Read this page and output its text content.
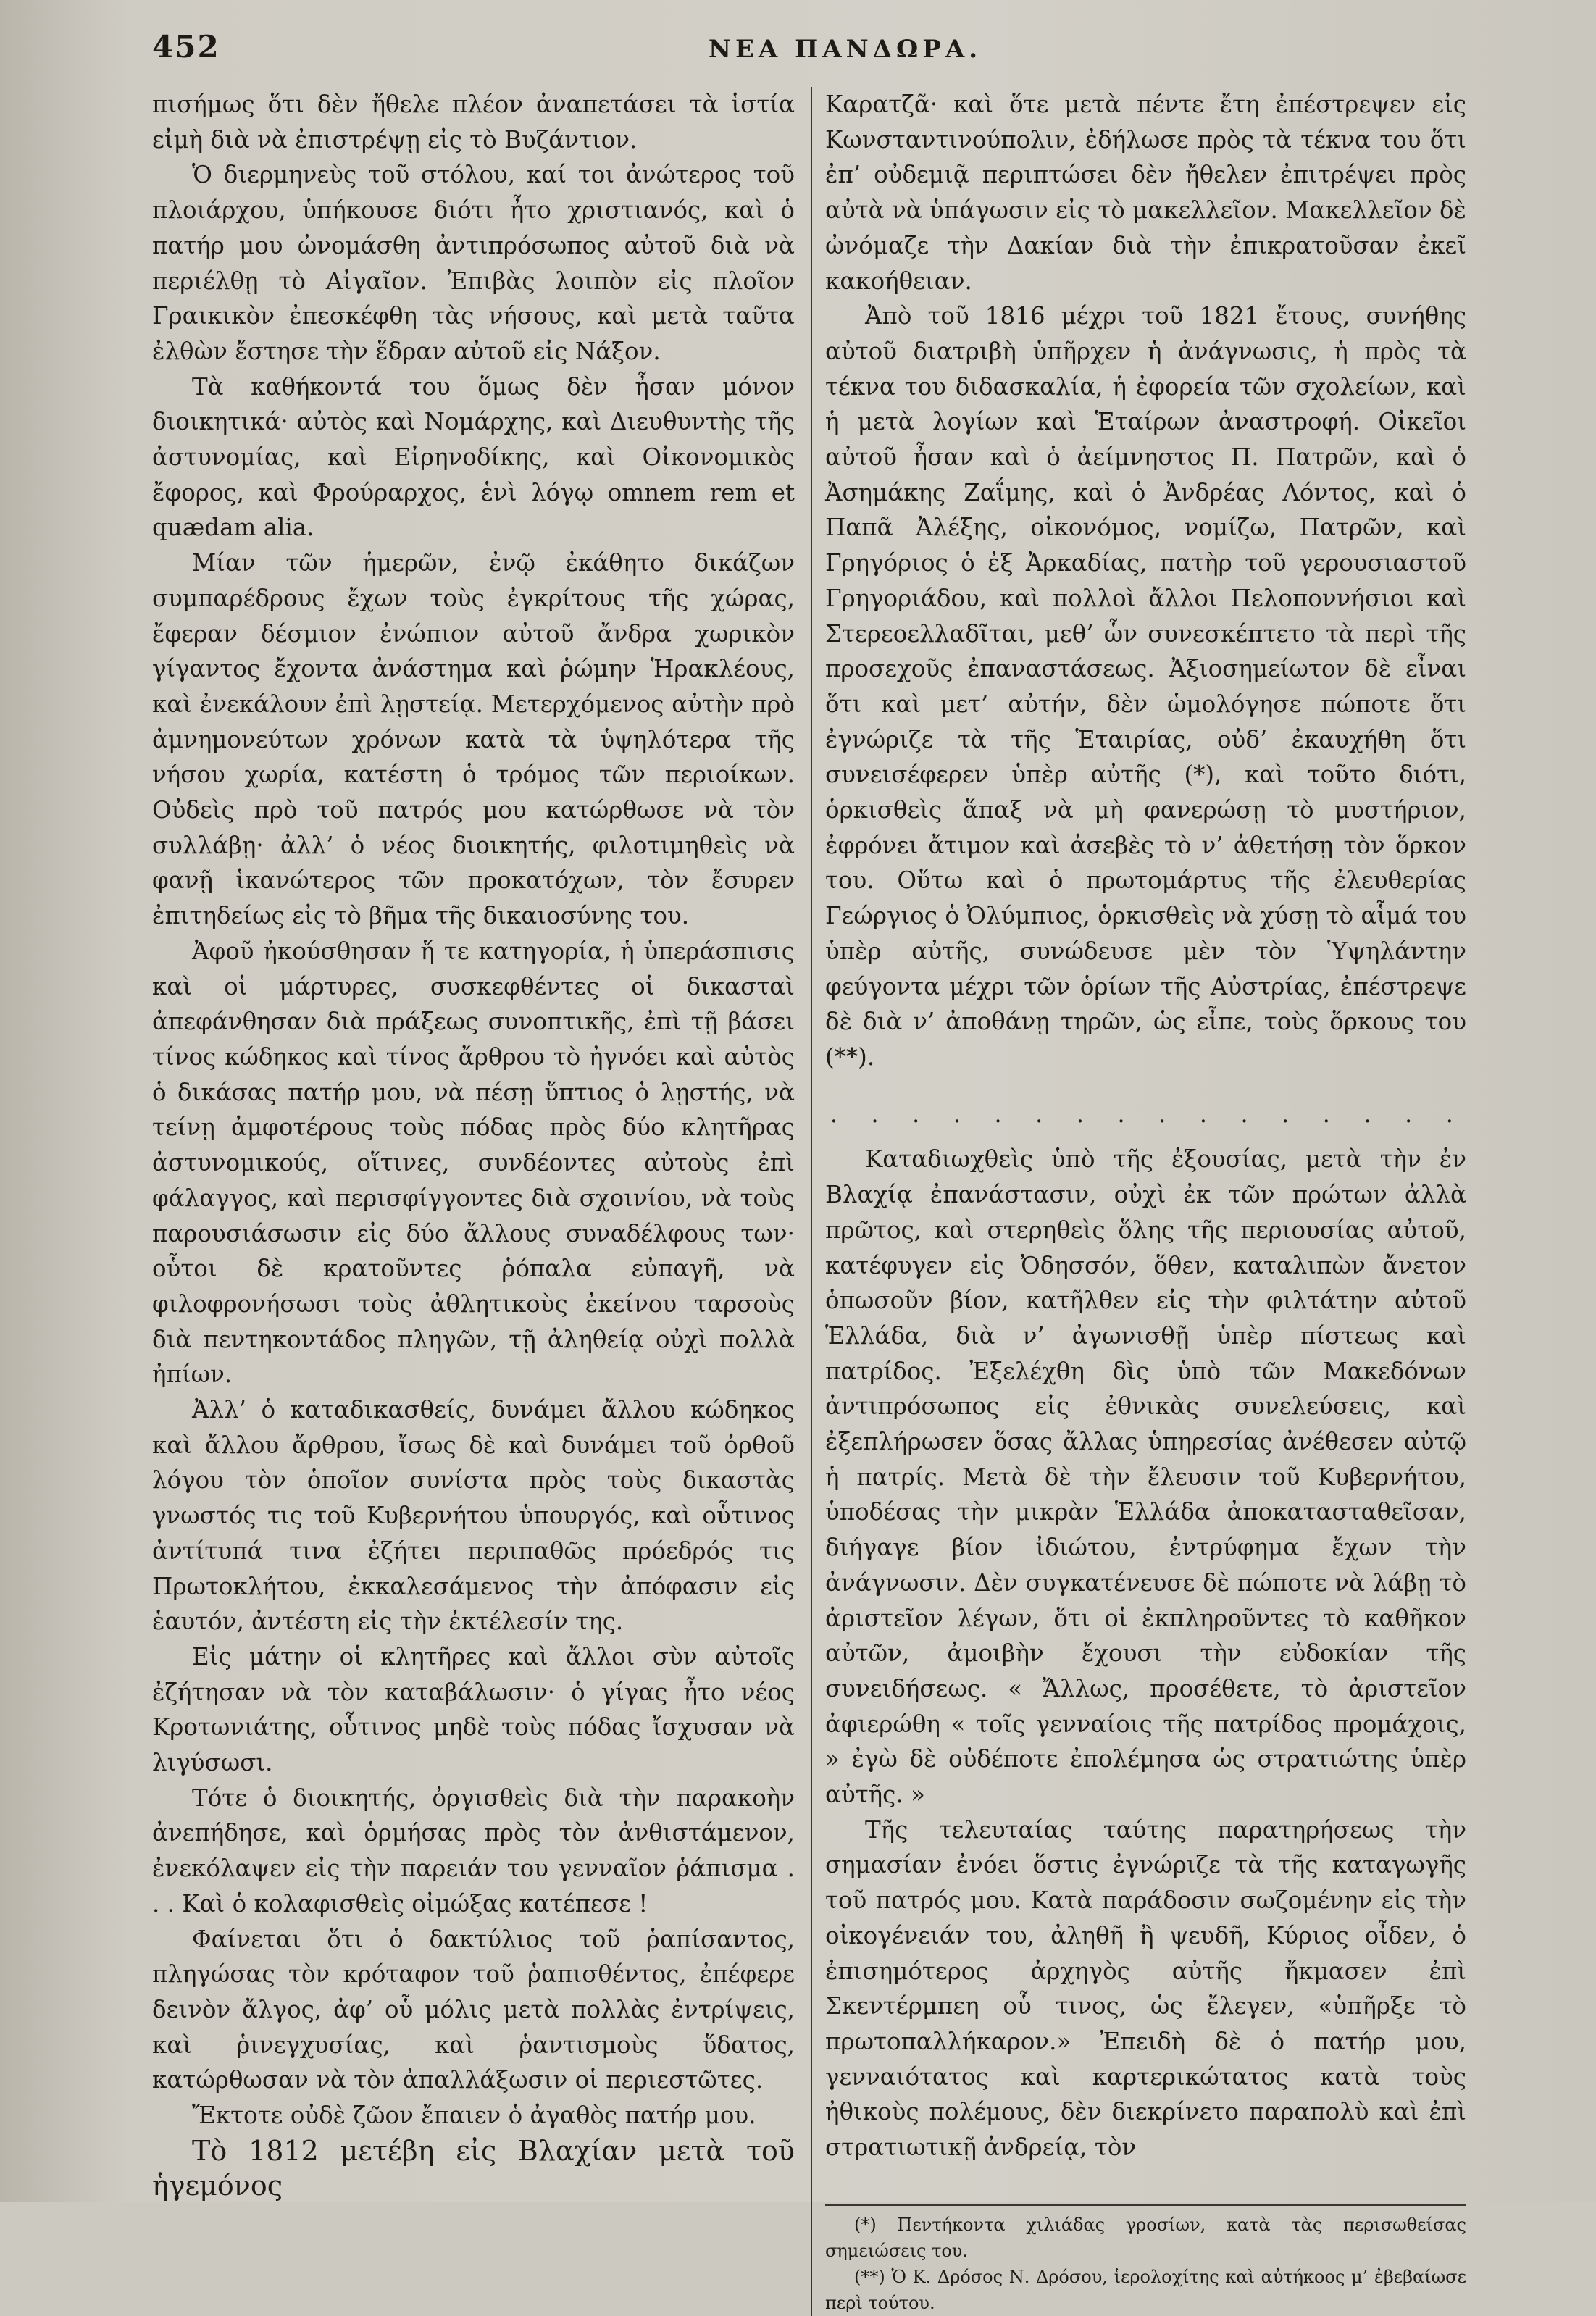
452	ΝΕΑ ΠΑΝΔΩΡΑ.

πισήμως ὅτι δὲν ἤθελε πλέον ἀναπετάσει τὰ ἱστία εἰμὴ διὰ νὰ ἐπιστρέψῃ εἰς τὸ Βυζάντιον.

Ὁ διερμηνεὺς τοῦ στόλου, καί τοι ἀνώτερος τοῦ πλοιάρχου, ὑπήκουσε διότι ἦτο χριστιανός, καὶ ὁ πατήρ μου ὠνομάσθη ἀντιπρόσωπος αὐτοῦ διὰ νὰ περιέλθῃ τὸ Αἰγαῖον. Ἐπιβὰς λοιπὸν εἰς πλοῖον Γραικικὸν ἐπεσκέφθη τὰς νήσους, καὶ μετὰ ταῦτα ἐλθὼν ἔστησε τὴν ἕδραν αὐτοῦ εἰς Νάξον.

Τὰ καθήκοντά του ὅμως δὲν ἦσαν μόνον διοικητικά· αὐτὸς καὶ Νομάρχης, καὶ Διευθυντὴς τῆς ἀστυνομίας, καὶ Εἰρηνοδίκης, καὶ Οἰκονομικὸς ἔφορος, καὶ Φρούραρχος, ἑνὶ λόγῳ omnem rem et quædam alia.

Μίαν τῶν ἡμερῶν, ἐνῷ ἐκάθητο δικάζων συμπαρέδρους ἔχων τοὺς ἐγκρίτους τῆς χώρας, ἔφεραν δέσμιον ἐνώπιον αὐτοῦ ἄνδρα χωρικὸν γίγαντος ἔχοντα ἀνάστημα καὶ ῥώμην Ἡρακλέους, καὶ ἐνεκάλουν ἐπὶ λῃστείᾳ. Μετερχόμενος αὐτὴν πρὸ ἀμνημονεύτων χρόνων κατὰ τὰ ὑψηλότερα τῆς νήσου χωρία, κατέστη ὁ τρόμος τῶν περιοίκων. Οὐδεὶς πρὸ τοῦ πατρός μου κατώρθωσε νὰ τὸν συλλάβῃ· ἀλλ’ ὁ νέος διοικητής, φιλοτιμηθεὶς νὰ φανῇ ἱκανώτερος τῶν προκατόχων, τὸν ἔσυρεν ἐπιτηδείως εἰς τὸ βῆμα τῆς δικαιοσύνης του.

Ἀφοῦ ἠκούσθησαν ἥ τε κατηγορία, ἡ ὑπεράσπισις καὶ οἱ μάρτυρες, συσκεφθέντες οἱ δικασταὶ ἀπεφάνθησαν διὰ πράξεως συνοπτικῆς, ἐπὶ τῇ βάσει τίνος κώδηκος καὶ τίνος ἄρθρου τὸ ἠγνόει καὶ αὐτὸς ὁ δικάσας πατήρ μου, νὰ πέσῃ ὕπτιος ὁ λῃστής, νὰ τείνῃ ἀμφοτέρους τοὺς πόδας πρὸς δύο κλητῆρας ἀστυνομικούς, οἵτινες, συνδέοντες αὐτοὺς ἐπὶ φάλαγγος, καὶ περισφίγγοντες διὰ σχοινίου, νὰ τοὺς παρουσιάσωσιν εἰς δύο ἄλλους συναδέλφους των· οὗτοι δὲ κρατοῦντες ῥόπαλα εὐπαγῆ, νὰ φιλοφρονήσωσι τοὺς ἀθλητικοὺς ἐκείνου ταρσοὺς διὰ πεντηκοντάδος πληγῶν, τῇ ἀληθείᾳ οὐχὶ πολλὰ ἠπίων.

Ἀλλ’ ὁ καταδικασθείς, δυνάμει ἄλλου κώδηκος καὶ ἄλλου ἄρθρου, ἴσως δὲ καὶ δυνάμει τοῦ ὀρθοῦ λόγου τὸν ὁποῖον συνίστα πρὸς τοὺς δικαστὰς γνωστός τις τοῦ Κυβερνήτου ὑπουργός, καὶ οὗτινος ἀντίτυπά τινα ἐζήτει περιπαθῶς πρόεδρός τις Πρωτοκλήτου, ἐκκαλεσάμενος τὴν ἀπόφασιν εἰς ἑαυτόν, ἀντέστη εἰς τὴν ἐκτέλεσίν της.

Εἰς μάτην οἱ κλητῆρες καὶ ἄλλοι σὺν αὐτοῖς ἐζήτησαν νὰ τὸν καταβάλωσιν· ὁ γίγας ἦτο νέος Κροτωνιάτης, οὗτινος μηδὲ τοὺς πόδας ἴσχυσαν νὰ λιγύσωσι.

Τότε ὁ διοικητής, ὀργισθεὶς διὰ τὴν παρακοὴν ἀνεπήδησε, καὶ ὁρμήσας πρὸς τὸν ἀνθιστάμενον, ἐνεκόλαψεν εἰς τὴν παρειάν του γενναῖον ῥάπισμα . . . Καὶ ὁ κολαφισθεὶς οἰμώξας κατέπεσε !

Φαίνεται ὅτι ὁ δακτύλιος τοῦ ῥαπίσαντος, πληγώσας τὸν κρόταφον τοῦ ῥαπισθέντος, ἐπέφερε δεινὸν ἄλγος, ἀφ’ οὗ μόλις μετὰ πολλὰς ἐντρίψεις, καὶ ῥινεγχυσίας, καὶ ῥαντισμοὺς ὕδατος, κατώρθωσαν νὰ τὸν ἀπαλλάξωσιν οἱ περιεστῶτες.

Ἔκτοτε οὐδὲ ζῶον ἔπαιεν ὁ ἀγαθὸς πατήρ μου.

Τὸ 1812 μετέβη εἰς Βλαχίαν μετὰ τοῦ ἡγεμόνος

Καρατζᾶ· καὶ ὅτε μετὰ πέντε ἔτη ἐπέστρεψεν εἰς Κωνσταντινούπολιν, ἐδήλωσε πρὸς τὰ τέκνα του ὅτι ἐπ’ οὐδεμιᾷ περιπτώσει δὲν ἤθελεν ἐπιτρέψει πρὸς αὐτὰ νὰ ὑπάγωσιν εἰς τὸ μακελλεῖον. Μακελλεῖον δὲ ὠνόμαζε τὴν Δακίαν διὰ τὴν ἐπικρατοῦσαν ἐκεῖ κακοήθειαν.

Ἀπὸ τοῦ 1816 μέχρι τοῦ 1821 ἔτους, συνήθης αὐτοῦ διατριβὴ ὑπῆρχεν ἡ ἀνάγνωσις, ἡ πρὸς τὰ τέκνα του διδασκαλία, ἡ ἐφορεία τῶν σχολείων, καὶ ἡ μετὰ λογίων καὶ Ἑταίρων ἀναστροφή. Οἰκεῖοι αὐτοῦ ἦσαν καὶ ὁ ἀείμνηστος Π. Πατρῶν, καὶ ὁ Ἀσημάκης Ζαΐμης, καὶ ὁ Ἀνδρέας Λόντος, καὶ ὁ Παπᾶ Ἀλέξης, οἰκονόμος, νομίζω, Πατρῶν, καὶ Γρηγόριος ὁ ἐξ Ἀρκαδίας, πατὴρ τοῦ γερουσιαστοῦ Γρηγοριάδου, καὶ πολλοὶ ἄλλοι Πελοποννήσιοι καὶ Στερεοελλαδῖται, μεθ’ ὧν συνεσκέπτετο τὰ περὶ τῆς προσεχοῦς ἐπαναστάσεως. Ἀξιοσημείωτον δὲ εἶναι ὅτι καὶ μετ’ αὐτήν, δὲν ὡμολόγησε πώποτε ὅτι ἐγνώριζε τὰ τῆς Ἑταιρίας, οὐδ’ ἐκαυχήθη ὅτι συνεισέφερεν ὑπὲρ αὐτῆς (*), καὶ τοῦτο διότι, ὁρκισθεὶς ἅπαξ νὰ μὴ φανερώσῃ τὸ μυστήριον, ἐφρόνει ἄτιμον καὶ ἀσεβὲς τὸ ν’ ἀθετήσῃ τὸν ὅρκον του. Οὕτω καὶ ὁ πρωτομάρτυς τῆς ἐλευθερίας Γεώργιος ὁ Ὀλύμπιος, ὁρκισθεὶς νὰ χύσῃ τὸ αἷμά του ὑπὲρ αὐτῆς, συνώδευσε μὲν τὸν Ὑψηλάντην φεύγοντα μέχρι τῶν ὁρίων τῆς Αὐστρίας, ἐπέστρεψε δὲ διὰ ν’ ἀποθάνῃ τηρῶν, ὡς εἶπε, τοὺς ὅρκους του (**).

. . . . . . . . . . . . . . . .

Καταδιωχθεὶς ὑπὸ τῆς ἐξουσίας, μετὰ τὴν ἐν Βλαχίᾳ ἐπανάστασιν, οὐχὶ ἐκ τῶν πρώτων ἀλλὰ πρῶτος, καὶ στερηθεὶς ὅλης τῆς περιουσίας αὐτοῦ, κατέφυγεν εἰς Ὀδησσόν, ὅθεν, καταλιπὼν ἄνετον ὁπωσοῦν βίον, κατῆλθεν εἰς τὴν φιλτάτην αὐτοῦ Ἑλλάδα, διὰ ν’ ἀγωνισθῇ ὑπὲρ πίστεως καὶ πατρίδος. Ἐξελέχθη δὶς ὑπὸ τῶν Μακεδόνων ἀντιπρόσωπος εἰς ἐθνικὰς συνελεύσεις, καὶ ἐξεπλήρωσεν ὅσας ἄλλας ὑπηρεσίας ἀνέθεσεν αὐτῷ ἡ πατρίς. Μετὰ δὲ τὴν ἔλευσιν τοῦ Κυβερνήτου, ὑποδέσας τὴν μικρὰν Ἑλλάδα ἀποκατασταθεῖσαν, διήγαγε βίον ἰδιώτου, ἐντρύφημα ἔχων τὴν ἀνάγνωσιν. Δὲν συγκατένευσε δὲ πώποτε νὰ λάβῃ τὸ ἀριστεῖον λέγων, ὅτι οἱ ἐκπληροῦντες τὸ καθῆκον αὐτῶν, ἀμοιβὴν ἔχουσι τὴν εὐδοκίαν τῆς συνειδήσεως. « Ἄλλως, προσέθετε, τὸ ἀριστεῖον ἀφιερώθη « τοῖς γενναίοις τῆς πατρίδος προμάχοις, » ἐγὼ δὲ οὐδέποτε ἐπολέμησα ὡς στρατιώτης ὑπὲρ αὐτῆς. »

Τῆς τελευταίας ταύτης παρατηρήσεως τὴν σημασίαν ἐνόει ὅστις ἐγνώριζε τὰ τῆς καταγωγῆς τοῦ πατρός μου. Κατὰ παράδοσιν σωζομένην εἰς τὴν οἰκογένειάν του, ἀληθῆ ἢ ψευδῆ, Κύριος οἶδεν, ὁ ἐπισημότερος ἀρχηγὸς αὐτῆς ἤκμασεν ἐπὶ Σκεντέρμπεη οὗ τινος, ὡς ἔλεγεν, «ὑπῆρξε τὸ πρωτοπαλλήκαρον.» Ἐπειδὴ δὲ ὁ πατήρ μου, γενναιότατος καὶ καρτερικώτατος κατὰ τοὺς ἠθικοὺς πολέμους, δὲν διεκρίνετο παραπολὺ καὶ ἐπὶ στρατιωτικῇ ἀνδρείᾳ, τὸν

(*) Πεντήκοντα χιλιάδας γροσίων, κατὰ τὰς περισωθείσας σημειώσεις του.

(**) Ὁ Κ. Δρόσος Ν. Δρόσου, ἱερολοχίτης καὶ αὐτήκοος μ’ ἐβεβαίωσε περὶ τούτου.
